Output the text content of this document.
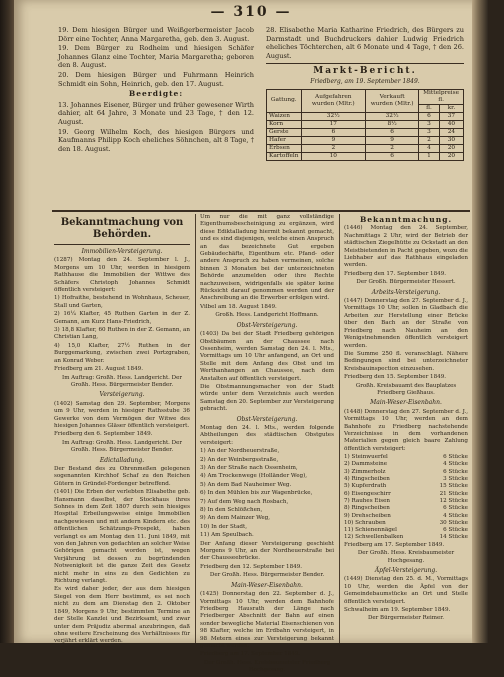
— 310 —

19. Dem hiesigen Bürger und Weißgerbermeister Jacob Dörr eine Tochter, Anna Margaretha, geb. den 3. August.

19. Dem Bürger zu Rodheim und hiesigen Schäfer Johannes Glanz eine Tochter, Maria Margaretha; geboren den 8. August.

20. Dem hiesigen Bürger und Fuhrmann Heinrich Schmidt ein Sohn, Heinrich, geb. den 17. August.

Beerdigte:

13. Johannes Eisener, Bürger und früher gewesener Wirth dahier, alt 64 Jahre, 3 Monate und 23 Tage, † den 12. August.

19. Georg Wilhelm Koch, des hiesigen Bürgers und Kaufmanns Philipp Koch eheliches Söhnchen, alt 8 Tage, † den 18. August.

28. Elisabethe Maria Katharine Friedrich, des Bürgers zu Darmstadt und Buchdruckers dahier Ludwig Friedrich eheliches Töchterchen, alt 6 Monate und 4 Tage, † den 26. August.

Markt-Bericht.
Friedberg, am 19. September 1849.
Gattung.	Aufgefahren wurden (Mltr.)	Verkauft wurden (Mltr.)	Mittelpreise fl.	
			fl.	kr.
Waizen	32½	32½	6	37
Korn	17	8½	3	40
Gerste	6	6	3	24
Hafer	9	9	2	30
Erbsen	2	2	4	20
Kartoffeln	10	6	1	20
Bekanntmachung von Behörden.
Immobilien-Versteigerung.

(1287) Montag den 24. September l. J., Morgens um 10 Uhr, werden in hiesigem Rathhause die Immobilien der Wittwe des Schäfers Christoph Johannes Schmidt öffentlich versteigert:

1) Hofraithe, bestehend in Wohnhaus, Scheuer, Stall und Garten,

2) 16¼ Klafter, 45 Ruthen Garten in der Z. Gemann, am Kurz Hans-Friedrich,

3) 18,8 Klafter, 60 Ruthen in der Z. Gemann, an Christian Lang,

4) 15,0 Klafter, 27½ Ruthen in der Burggemarkung, zwischen zwei Portzgraben, an Konrad Weber.

Friedberg am 21. August 1849.

Im Auftrag: Großh. Hess. Landgericht. Der Großh. Hess. Bürgermeister Bender.
Versteigerung.

(1402) Samstag den 29. September, Morgens um 9 Uhr, werden in hiesiger Rathsstube 36 Gewerke von dem Vermögen der Witwe des hiesigen Johannes Gläser öffentlich versteigert.

Friedberg den 6. September 1849.

Im Auftrag: Großh. Hess. Landgericht. Der Großh. Hess. Bürgermeister Bender.
Edictalladung.

Der Bestand des zu Ohrenmeßen gelegenen sogenannten Kirchhof Schaf zu den Reichen Gütern in Gründel-Fordenger betreffend.

(1401) Die Erben der verlebten Elisabethe geb. Hansmann daselbst, der Stockhaus ihres Sohnes in dem Zeit 1807 durch sein hiesiges Hospital Erbeilungsweise einige Immobilien nachgewiesen und mit andern Kindern etc. des öffentlichen Schätzungs-Prospekt, haben verlangt es am Montag den 11. Juni 1849, mit von den Jahren von gedachten an solcher Weise Gehörigen gemacht worden ist, wegen Verjährung ist dessen zu begründenden Notwenigkeit ist die ganze Zeit des Gesetz nicht mehr in eins zu den Gedichten zu Richtung verlangt.

Es wird daher jeder, der aus dem hiesigen Siegel von dem Herr bestimmt, es sei noch nicht zu dem am Dienstag den 2. Oktober 1849, Morgens 9 Uhr, bestimmten Termine an der Stelle Kanzlei und Bezirksamt, und zwar unter dem Präjudiz abermal anzubringen, daß ohne weitere Erscheinung des Verhältnisses für verjährt erklärt werden.

Um nur die mit ganz vollständige Eigenthumsbescheinigung zu ergänzen, wird diese Ediktalladung hiermit bekannt gemacht, und es sind diejenigen, welche einen Anspruch an das bezeichnete Gut ergeben Gebäudechäfte, Eigenthum etc. Pfand- oder andere Anspruch zu haben vermeinen, solche binnen 3 Monaten bei der unterzeichneten Behörde anzumelden oder ihre Rechte nachzuweisen, widrigenfalls sie später keine Rücksicht darauf genommen werden und der Anschreibung an die Erwerber erfolgen wird.

Vilbel am 18. August 1849.

Großh. Hess. Landgericht Hoffmann.
Obst-Versteigerung.

(1403) Da bei der Stadt Friedberg gehörigen Obstbäumen an der Chaussee nach Ossenheim, werden Samstag den 24. l. Mts., Vormittags um 10 Uhr anfangend, an Ort und Stelle mit dem Anfang des Obst und im Werthanhangen an Chaussee, nach dem Anstalten auf öffentlich versteigert.

Die Obstmannungsmacher von der Stadt würde unter dem Verzeichnis auch werden Samstag den 20. September zur Versteigerung gebracht.

Obst-Versteigerung.

Montag den 24. l. Mts., werden folgende Abtheilungen des städtischen Obstgutes versteigert:

1) An der Nordheuerstraße,

2) An der Weinbergsstraße,

3) An der Straße nach Ossenheim,

4) Am Trockenwege (Holländer Weg),

5) An dem Bad Nauheimer Weg.

6) In den Mühlen bis zur Wagenbrücke,

7) Auf dem Weg nach Rosbach,

8) In den Schlößchen,

9) An dem Mainzer Weg,

10) In der Stadt,

11) Am Speulbach.

Der Anfang dieser Versteigerung geschieht Morgens 9 Uhr, an der Nordheuerstraße bei der Chausseebrücke.

Friedberg den 12. September 1849.

Der Großh. Hess. Bürgermeister Bender.
Main-Weser-Eisenbahn.

(1425) Donnerstag den 22. September d. J., Vormittags 10 Uhr, werden dem Bahnhofe Friedberg Hausrath der Länge nach Friedberger Abschnitt der Bahn auf einen sonder bewegliche Material Eisenschienen von 98 Klafter, welche im Erdbahn versteigert, in 98 Metern eines zur Versteigerung bekannt gemacht werden.

Friedberg am 17. September 1849.

Der Großh. Hess. Kreisbaumeister Friedberg Hochgesang.
Bekanntmachung.

(1446) Montag den 24. September, Nachmittags 2 Uhr, wird der Betrieb der städtischen Ziegelhütte zu Ockstadt an den Meistbietenden in Pacht gegeben, wozu die Liebhaber auf das Rathhaus eingeladen werden.

Friedberg den 17. September 1849.

Der Großh. Bürgermeister Hessert.
Arbeits-Versteigerung.

(1447) Donnerstag den 27. September d. J., Vormittags 10 Uhr, sollen in Gladbach die Arbeiten zur Herstellung einer Brücke über den Bach an der Straße von Friedberg nach Nauheim an den Wenigstnehmenden öffentlich versteigert werden.

Die Summe 250 fl. veranschlagt. Nähere Bedingungen sind bei unterzeichneter Kreisbauinspection einzusehen.

Friedberg den 15. September 1849.

Großh. Kreisbauamt des Bauplatzes Friedberg Gießhaus.
Main-Weser-Eisenbahn.

(1448) Donnerstag den 27. September d. J., Vormittags 10 Uhr, werden an dem Bahnhofe zu Friedberg nachstehende Verzeichnisse in dem vorhandenen Materialien gegen gleich baare Zahlung öffentlich versteigert:

1) Steinwuerfel	6 Stücke
2) Dammsteine	4 Stücke
3) Zimmerholz	6 Stücke
4) Ringscheiben	3 Stücke
5) Kupferdrath	15 Stücke
6) Eisengeschirr	21 Stücke
7) Rauhes Eisen	12 Stücke
8) Ringscheiben	6 Stücke
9) Drehscheiben	4 Stücke
10) Schrauben	30 Stücke
11) Schienennägel	6 Stücke
12) Schwellenbalken	14 Stücke

Friedberg am 17. September 1849.

Der Großh. Hess. Kreisbaumeister Hochgesang.
Äpfel-Versteigerung.

(1449) Dienstag den 25. d. M., Vormittags 10 Uhr, werden die Äpfel von der Gemeindebaumstücke an Ort und Stelle öffentlich versteigert.

Schwalheim am 19. September 1849.

Der Bürgermeister Reimer.
